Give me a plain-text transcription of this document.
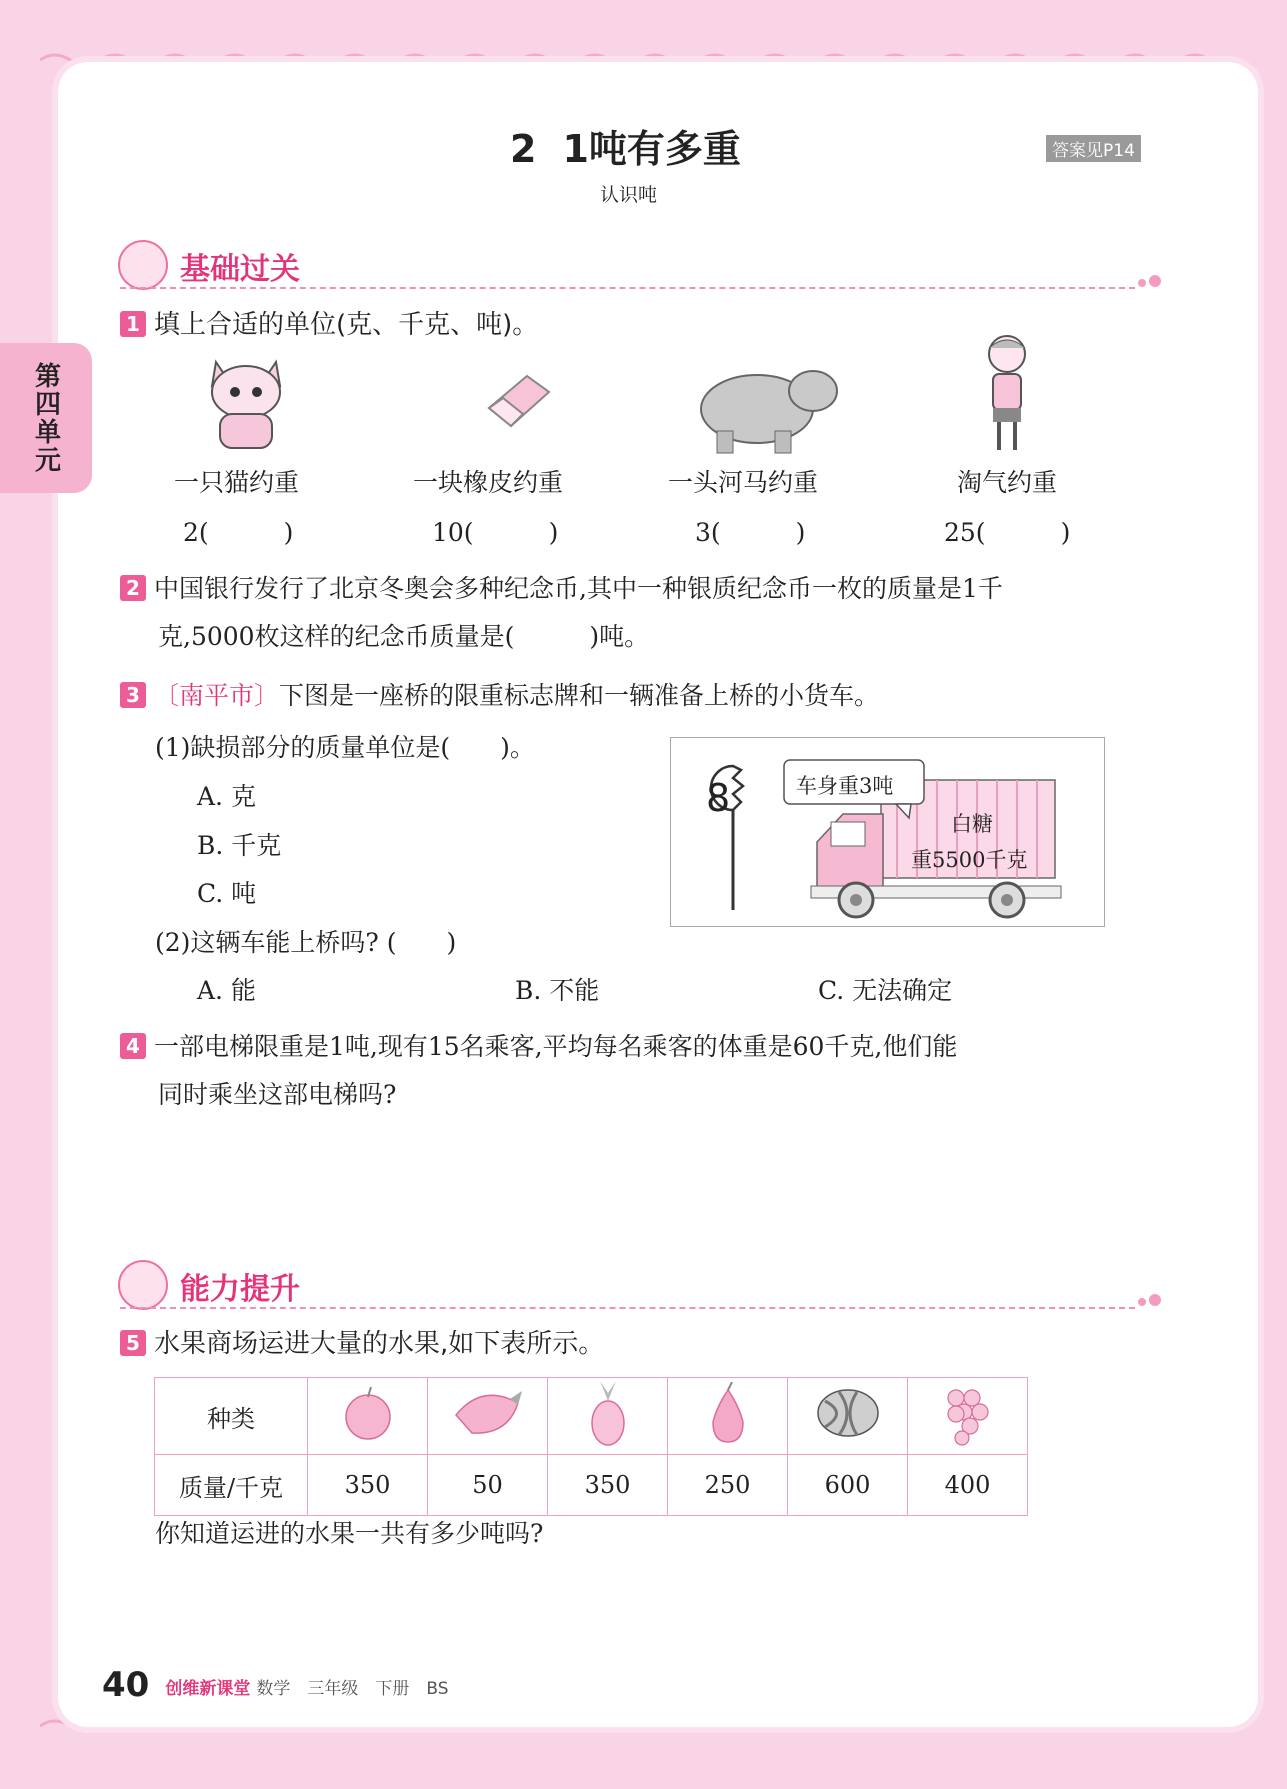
第四单元
2 1吨有多重
认识吨
答案见P14
基础过关
1 填上合适的单位(克、千克、吨)。
一只猫约重	一块橡皮约重	一头河马约重	淘气约重
2(　　　)	10(　　　)	3(　　　)	25(　　　)
2 中国银行发行了北京冬奥会多种纪念币,其中一种银质纪念币一枚的质量是1千
克,5000枚这样的纪念币质量是(　　　)吨。
3 〔南平市〕下图是一座桥的限重标志牌和一辆准备上桥的小货车。
(1)缺损部分的质量单位是(　　)。
A. 克
B. 千克
C. 吨
(2)这辆车能上桥吗? (　　)
A. 能	B. 不能	C. 无法确定
8	车身重3吨
白糖
重5500千克
4 一部电梯限重是1吨,现有15名乘客,平均每名乘客的体重是60千克,他们能
同时乘坐这部电梯吗?
能力提升
5 水果商场运进大量的水果,如下表所示。
种类						
质量/千克	350	50	350	250	600	400
你知道运进的水果一共有多少吨吗?
40 创维新课堂 数学　三年级　下册　BS
